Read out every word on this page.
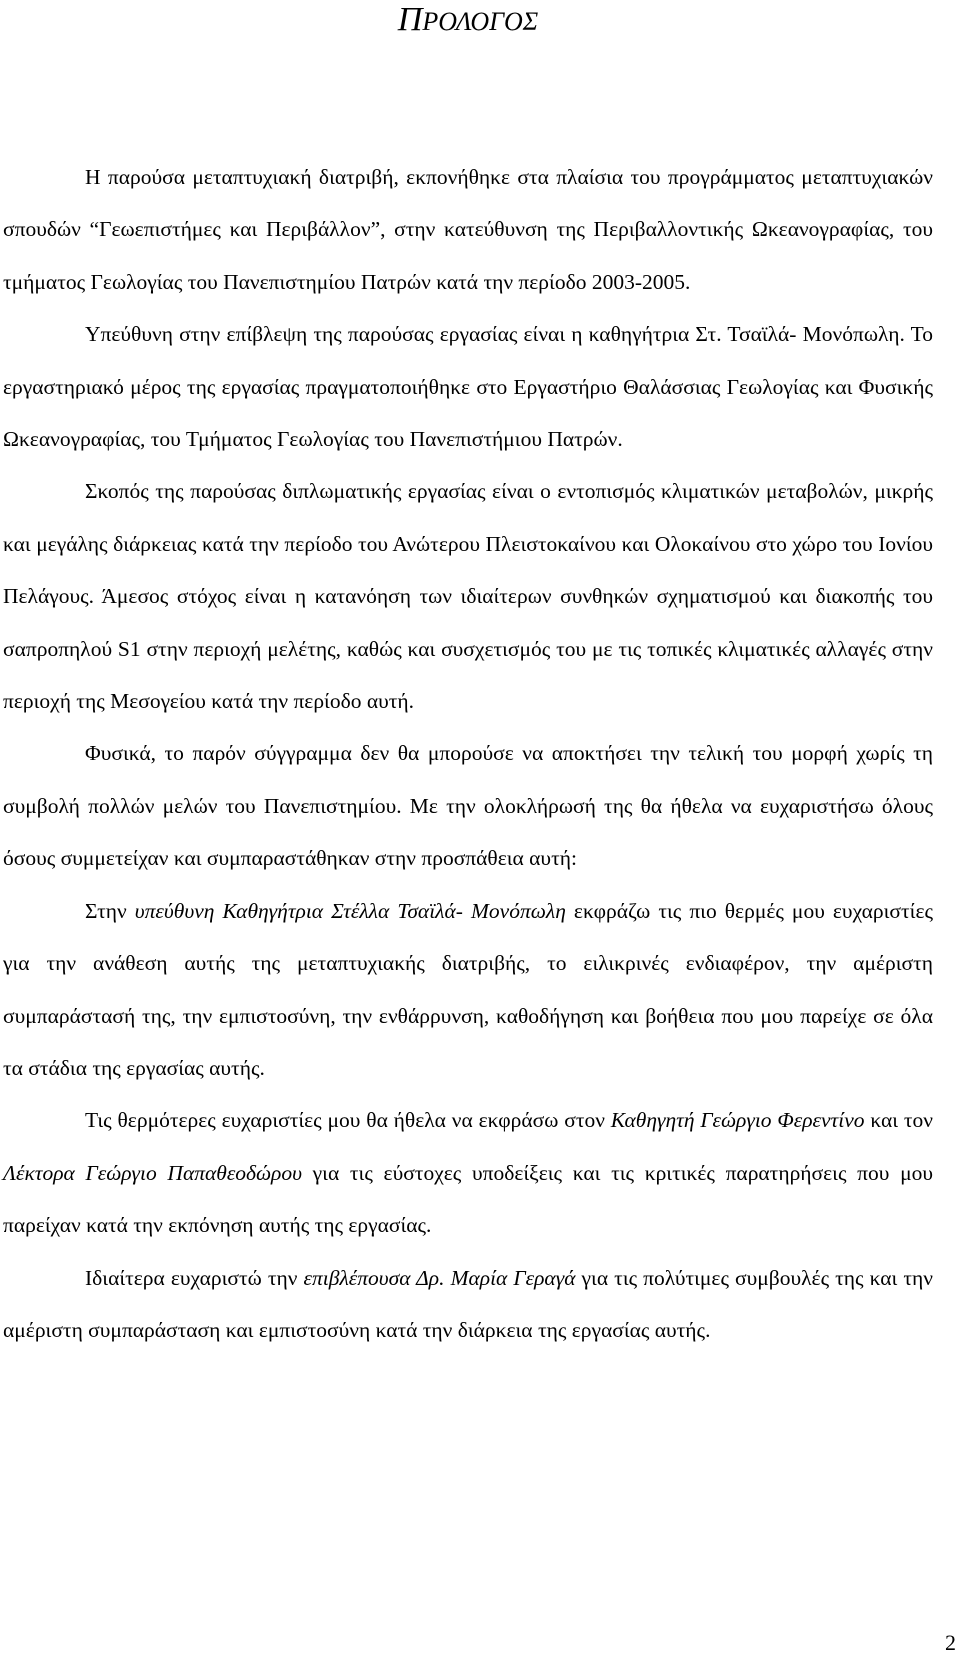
ΠΡΟΛΟΓΟΣ

Η παρούσα μεταπτυχιακή διατριβή, εκπονήθηκε στα πλαίσια του προγράμματος μεταπτυχιακών σπουδών “Γεωεπιστήμες και Περιβάλλον”, στην κατεύθυνση της Περιβαλλοντικής Ωκεανογραφίας, του τμήματος Γεωλογίας του Πανεπιστημίου Πατρών κατά την περίοδο 2003-2005.

Υπεύθυνη στην επίβλεψη της παρούσας εργασίας είναι η καθηγήτρια Στ. Τσαϊλά- Μονόπωλη. Το εργαστηριακό μέρος της εργασίας πραγματοποιήθηκε στο Εργαστήριο Θαλάσσιας Γεωλογίας και Φυσικής Ωκεανογραφίας, του Τμήματος Γεωλογίας του Πανεπιστήμιου Πατρών.

Σκοπός της παρούσας διπλωματικής εργασίας είναι ο εντοπισμός κλιματικών μεταβολών, μικρής και μεγάλης διάρκειας κατά την περίοδο του Ανώτερου Πλειστοκαίνου και Ολοκαίνου στο χώρο του Ιονίου Πελάγους. Άμεσος στόχος είναι η κατανόηση των ιδιαίτερων συνθηκών σχηματισμού και διακοπής του σαπροπηλού S1 στην περιοχή μελέτης, καθώς και συσχετισμός του με τις τοπικές κλιματικές αλλαγές στην περιοχή της Μεσογείου κατά την περίοδο αυτή.

Φυσικά, το παρόν σύγγραμμα δεν θα μπορούσε να αποκτήσει την τελική του μορφή χωρίς τη συμβολή πολλών μελών του Πανεπιστημίου. Με την ολοκλήρωσή της θα ήθελα να ευχαριστήσω όλους όσους συμμετείχαν και συμπαραστάθηκαν στην προσπάθεια αυτή:

Στην υπεύθυνη Καθηγήτρια Στέλλα Τσαϊλά- Μονόπωλη εκφράζω τις πιο θερμές μου ευχαριστίες για την ανάθεση αυτής της μεταπτυχιακής διατριβής, το ειλικρινές ενδιαφέρον, την αμέριστη συμπαράστασή της, την εμπιστοσύνη, την ενθάρρυνση, καθοδήγηση και βοήθεια που μου παρείχε σε όλα τα στάδια της εργασίας αυτής.

Τις θερμότερες ευχαριστίες μου θα ήθελα να εκφράσω στον Καθηγητή Γεώργιο Φερεντίνο και τον Λέκτορα Γεώργιο Παπαθεοδώρου για τις εύστοχες υποδείξεις και τις κριτικές παρατηρήσεις που μου παρείχαν κατά την εκπόνηση αυτής της εργασίας.

Ιδιαίτερα ευχαριστώ την επιβλέπουσα Δρ. Μαρία Γεραγά για τις πολύτιμες συμβουλές της και την αμέριστη συμπαράσταση και εμπιστοσύνη κατά την διάρκεια της εργασίας αυτής.

2
